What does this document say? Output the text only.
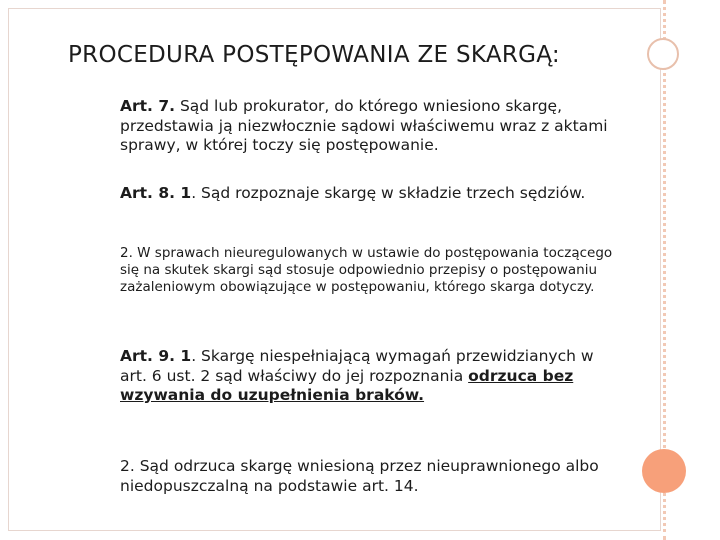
PROCEDURA POSTĘPOWANIA ZE SKARGĄ:
Art. 7. Sąd lub prokurator, do którego wniesiono skargę, przedstawia ją niezwłocznie sądowi właściwemu wraz z aktami sprawy, w której toczy się postępowanie.
Art. 8. 1. Sąd rozpoznaje skargę w składzie trzech sędziów.
2. W sprawach nieuregulowanych w ustawie do postępowania toczącego się na skutek skargi sąd stosuje odpowiednio przepisy o postępowaniu zażaleniowym obowiązujące w postępowaniu, którego skarga dotyczy.
Art. 9. 1. Skargę niespełniającą wymagań przewidzianych w art. 6 ust. 2 sąd właściwy do jej rozpoznania odrzuca bez wzywania do uzupełnienia braków.
2. Sąd odrzuca skargę wniesioną przez nieuprawnionego albo niedopuszczalną na podstawie art. 14.
